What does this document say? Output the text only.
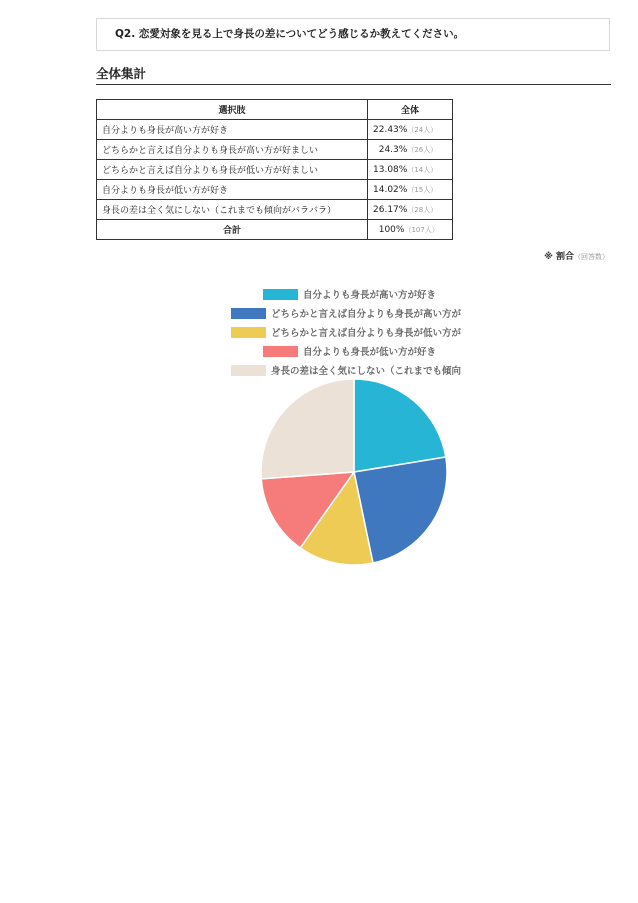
Q2. 恋愛対象を見る上で身長の差についてどう感じるか教えてください。
全体集計
選択肢	全体
自分よりも身長が高い方が好き	22.43%（24人）
どちらかと言えば自分よりも身長が高い方が好ましい	24.3%（26人）
どちらかと言えば自分よりも身長が低い方が好ましい	13.08%（14人）
自分よりも身長が低い方が好き	14.02%（15人）
身長の差は全く気にしない（これまでも傾向がバラバラ）	26.17%（28人）
合計	100%（107人）
※ 割合（回答数）
自分よりも身長が高い方が好き
どちらかと言えば自分よりも身長が高い方が
どちらかと言えば自分よりも身長が低い方が
自分よりも身長が低い方が好き
身長の差は全く気にしない（これまでも傾向
